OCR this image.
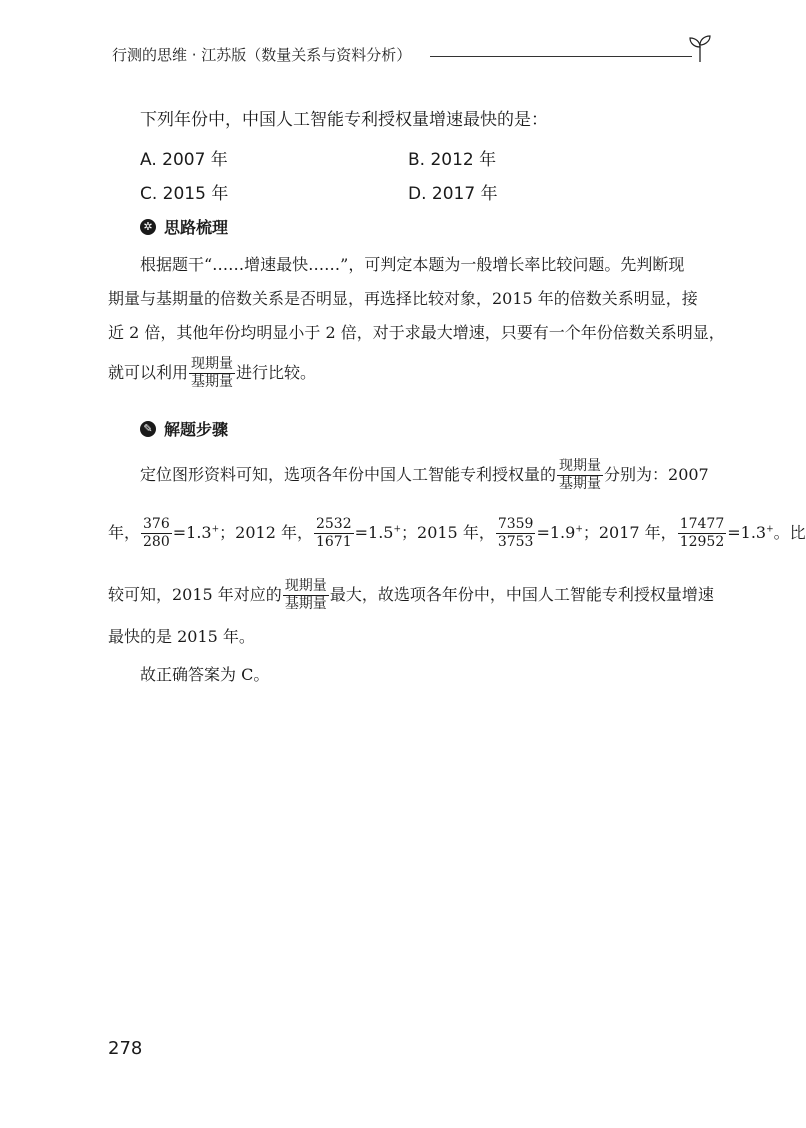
行测的思维 · 江苏版（数量关系与资料分析）
下列年份中，中国人工智能专利授权量增速最快的是：
A. 2007 年	B. 2012 年
C. 2015 年	D. 2017 年
✲ 思路梳理
根据题干“……增速最快……”，可判定本题为一般增长率比较问题。先判断现
期量与基期量的倍数关系是否明显，再选择比较对象，2015 年的倍数关系明显，接
近 2 倍，其他年份均明显小于 2 倍，对于求最大增速，只要有一个年份倍数关系明显，
就可以利用 $\frac{\text{现期量}}{\text{基期量}}$ 进行比较。
✎ 解题步骤
定位图形资料可知，选项各年份中国人工智能专利授权量的 $\frac{\text{现期量}}{\text{基期量}}$ 分别为：2007
年， $\frac{376}{280} =1.3^+$；2012 年， $\frac{2532}{1671} =1.5^+$；2015 年， $\frac{7359}{3753} =1.9^+$；2017 年， $\frac{17477}{12952} =1.3^+$。比
较可知，2015 年对应的 $\frac{\text{现期量}}{\text{基期量}}$ 最大，故选项各年份中，中国人工智能专利授权量增速
最快的是 2015 年。
故正确答案为 C。
278
